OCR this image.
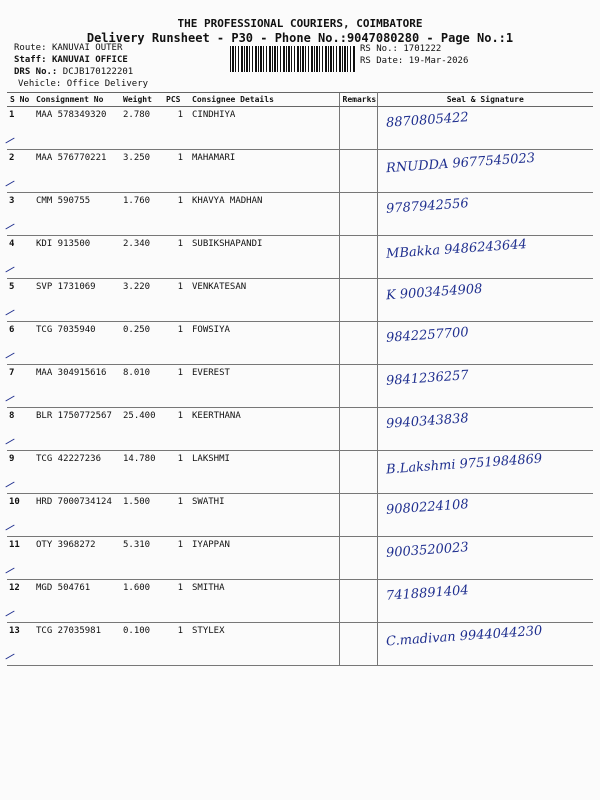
THE PROFESSIONAL COURIERS, COIMBATORE
Delivery Runsheet - P30 - Phone No.:9047080280 - Page No.:1
Route: KANUVAI OUTER
Staff: KANUVAI OFFICE
DRS No.: DCJB170122201
Vehicle: Office Delivery
RS No.: 1701222
RS Date: 19-Mar-2026
S No	Consignment No	Weight	PCS	Consignee Details	Remarks	Seal & Signature
1	MAA 578349320	2.780	1	CINDHIYA		8870805422

2	MAA 576770221	3.250	1	MAHAMARI		RNUDDA 9677545023

3	CMM 590755	1.760	1	KHAVYA MADHAN		9787942556

4	KDI 913500	2.340	1	SUBIKSHAPANDI		MBakka 9486243644

5	SVP 1731069	3.220	1	VENKATESAN		K 9003454908

6	TCG 7035940	0.250	1	FOWSIYA		9842257700

7	MAA 304915616	8.010	1	EVEREST		9841236257

8	BLR 1750772567	25.400	1	KEERTHANA		9940343838

9	TCG 42227236	14.780	1	LAKSHMI		B.Lakshmi 9751984869

10	HRD 7000734124	1.500	1	SWATHI		9080224108

11	OTY 3968272	5.310	1	IYAPPAN		9003520023

12	MGD 504761	1.600	1	SMITHA		7418891404

13	TCG 27035981	0.100	1	STYLEX		C.madivan 9944044230
